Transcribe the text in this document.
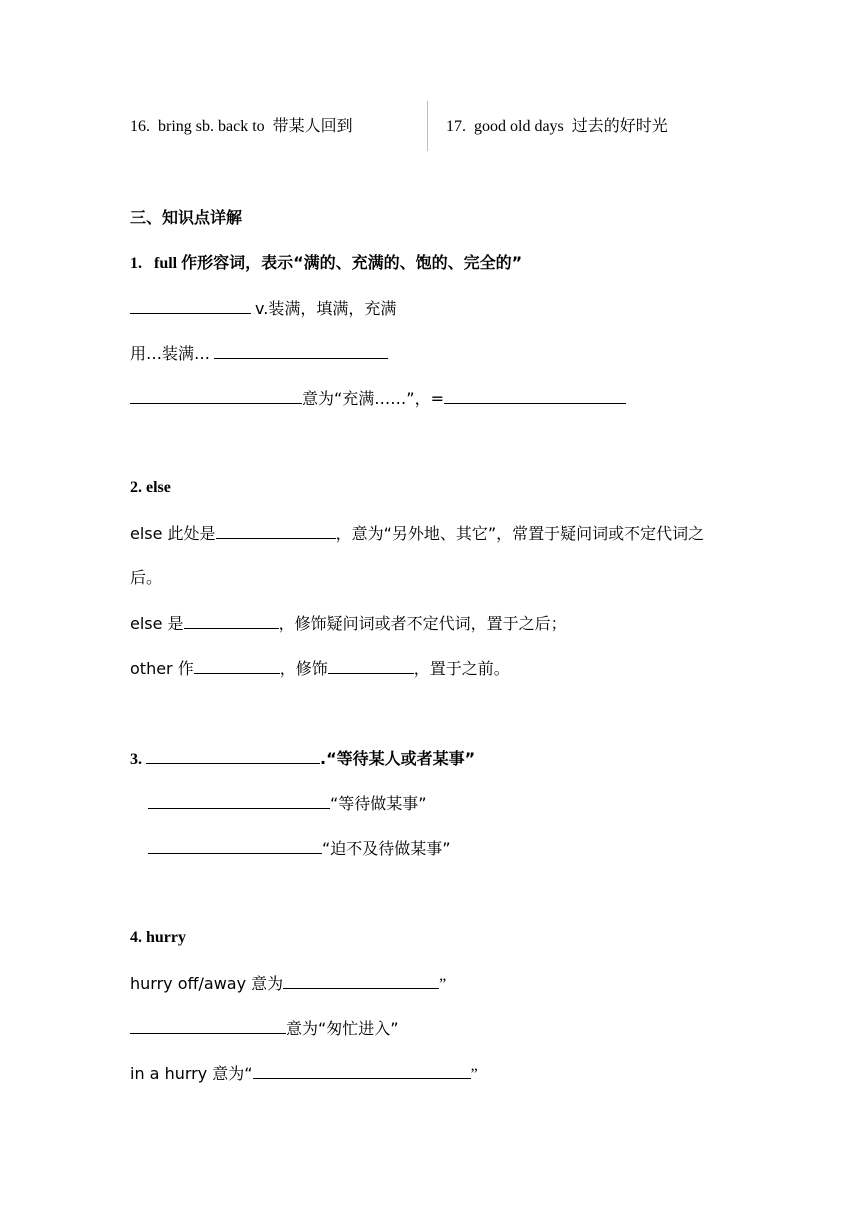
16. bring sb. back to 带某人回到	17. good old days 过去的好时光
三、知识点详解
1. full 作形容词，表示“满的、充满的、饱的、完全的”
v.装满，填满，充满
用…装满…
意为“充满……”，=
2. else
else 此处是	，意为“另外地、其它”，常置于疑问词或不定代词之
后。
else 是	，修饰疑问词或者不定代词，置于之后；
other 作	，修饰	，置于之前。
3.	.“等待某人或者某事”
“等待做某事”
“迫不及待做某事”
4. hurry
hurry off/away 意为	”
意为“匆忙进入”
in a hurry 意为“	”
